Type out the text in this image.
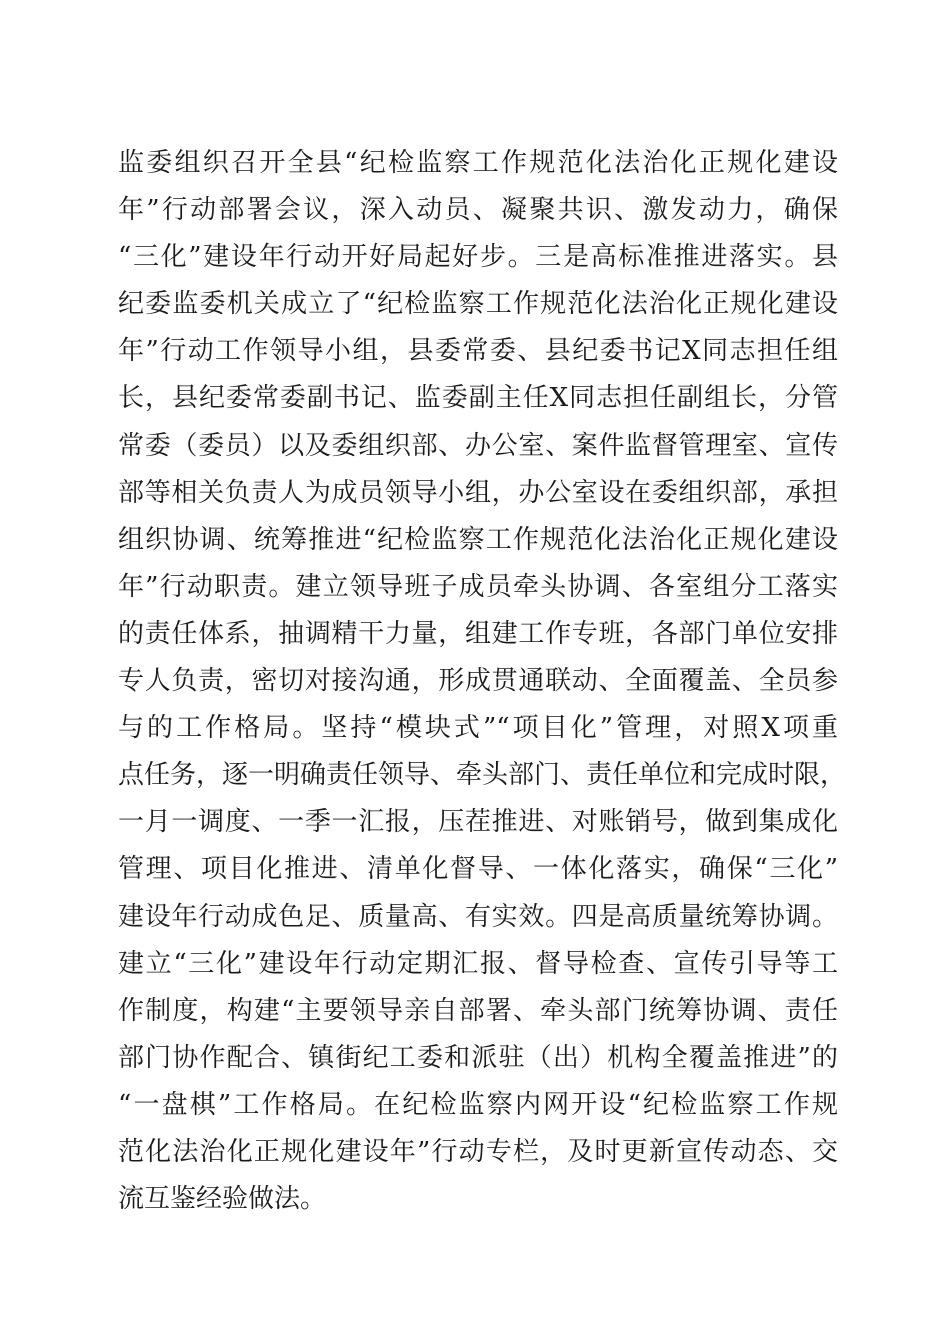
监委组织召开全县“纪检监察工作规范化法治化正规化建设
年”行动部署会议，深入动员、凝聚共识、激发动力，确保
“三化”建设年行动开好局起好步。三是高标准推进落实。县
纪委监委机关成立了“纪检监察工作规范化法治化正规化建设
年”行动工作领导小组，县委常委、县纪委书记X同志担任组
长，县纪委常委副书记、监委副主任X同志担任副组长，分管
常委（委员）以及委组织部、办公室、案件监督管理室、宣传
部等相关负责人为成员领导小组，办公室设在委组织部，承担
组织协调、统筹推进“纪检监察工作规范化法治化正规化建设
年”行动职责。建立领导班子成员牵头协调、各室组分工落实
的责任体系，抽调精干力量，组建工作专班，各部门单位安排
专人负责，密切对接沟通，形成贯通联动、全面覆盖、全员参
与的工作格局。坚持“模块式”“项目化”管理，对照X项重
点任务，逐一明确责任领导、牵头部门、责任单位和完成时限，
一月一调度、一季一汇报，压茬推进、对账销号，做到集成化
管理、项目化推进、清单化督导、一体化落实，确保“三化”
建设年行动成色足、质量高、有实效。四是高质量统筹协调。
建立“三化”建设年行动定期汇报、督导检查、宣传引导等工
作制度，构建“主要领导亲自部署、牵头部门统筹协调、责任
部门协作配合、镇街纪工委和派驻（出）机构全覆盖推进”的
“一盘棋”工作格局。在纪检监察内网开设“纪检监察工作规
范化法治化正规化建设年”行动专栏，及时更新宣传动态、交
流互鉴经验做法。
